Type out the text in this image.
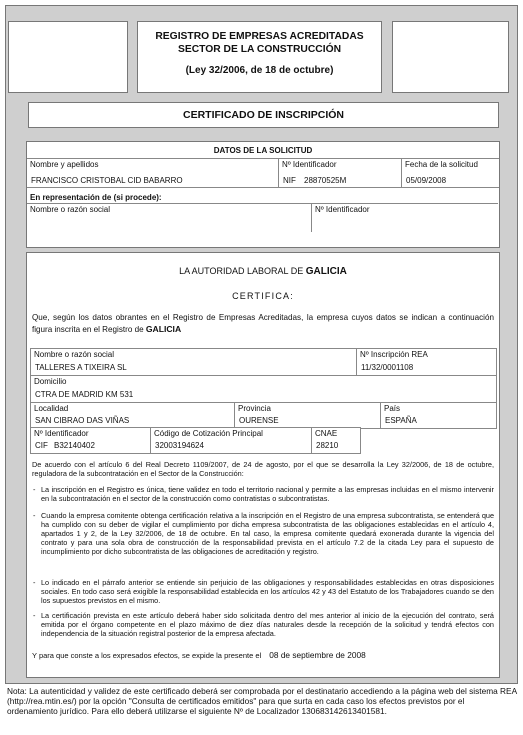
REGISTRO DE EMPRESAS ACREDITADAS
SECTOR DE LA CONSTRUCCIÓN
(Ley 32/2006, de 18 de octubre)
CERTIFICADO DE INSCRIPCIÓN
DATOS DE LA SOLICITUD
Nombre y apellidos
FRANCISCO CRISTOBAL CID BABARRO
Nº Identificador
NIF 28870525M
Fecha de la solicitud
05/09/2008
En representación de (si procede):
Nombre o razón social	Nº Identificador
LA AUTORIDAD LABORAL DE GALICIA
CERTIFICA:
Que, según los datos obrantes en el Registro de Empresas Acreditadas, la empresa cuyos datos se indican a continuación figura inscrita en el Registro de GALICIA
Nombre o razón social
TALLERES A TIXEIRA SL
Nº Inscripción REA
11/32/0001108
Domicilio
CTRA DE MADRID KM 531
Localidad
SAN CIBRAO DAS VIÑAS
Provincia
OURENSE
País
ESPAÑA
Nº Identificador
CIF B32140402
Código de Cotización Principal
32003194624
CNAE
28210
De acuerdo con el artículo 6 del Real Decreto 1109/2007, de 24 de agosto, por el que se desarrolla la Ley 32/2006, de 18 de octubre, reguladora de la subcontratación en el Sector de la Construcción:
- La inscripción en el Registro es única, tiene validez en todo el territorio nacional y permite a las empresas incluidas en el mismo intervenir en la subcontratación en el sector de la construcción como contratistas o subcontratistas.
- Cuando la empresa comitente obtenga certificación relativa a la inscripción en el Registro de una empresa subcontratista, se entenderá que ha cumplido con su deber de vigilar el cumplimiento por dicha empresa subcontratista de las obligaciones establecidas en el artículo 4, apartados 1 y 2, de la Ley 32/2006, de 18 de octubre. En tal caso, la empresa comitente quedará exonerada durante la vigencia del contrato y para una sola obra de construcción de la responsabilidad prevista en el artículo 7.2 de la citada Ley para el supuesto de incumplimiento por dicho subcontratista de las obligaciones de acreditación y registro.
- Lo indicado en el párrafo anterior se entiende sin perjuicio de las obligaciones y responsabilidades establecidas en otras disposiciones sociales. En todo caso será exigible la responsabilidad establecida en los artículos 42 y 43 del Estatuto de los Trabajadores cuando se den los supuestos previstos en el mismo.
- La certificación prevista en este artículo deberá haber sido solicitada dentro del mes anterior al inicio de la ejecución del contrato, será emitida por el órgano competente en el plazo máximo de diez días naturales desde la recepción de la solicitud y tendrá efectos con independencia de la situación registral posterior de la empresa afectada.
Y para que conste a los expresados efectos, se expide la presente el 08 de septiembre de 2008
Nota: La autenticidad y validez de este certificado deberá ser comprobada por el destinatario accediendo a la página web del sistema REA (http://rea.mtin.es/) por la opción "Consulta de certificados emitidos" para que surta en cada caso los efectos previstos por el ordenamiento jurídico. Para ello deberá utilizarse el siguiente Nº de Localizador 130683142613401581.
